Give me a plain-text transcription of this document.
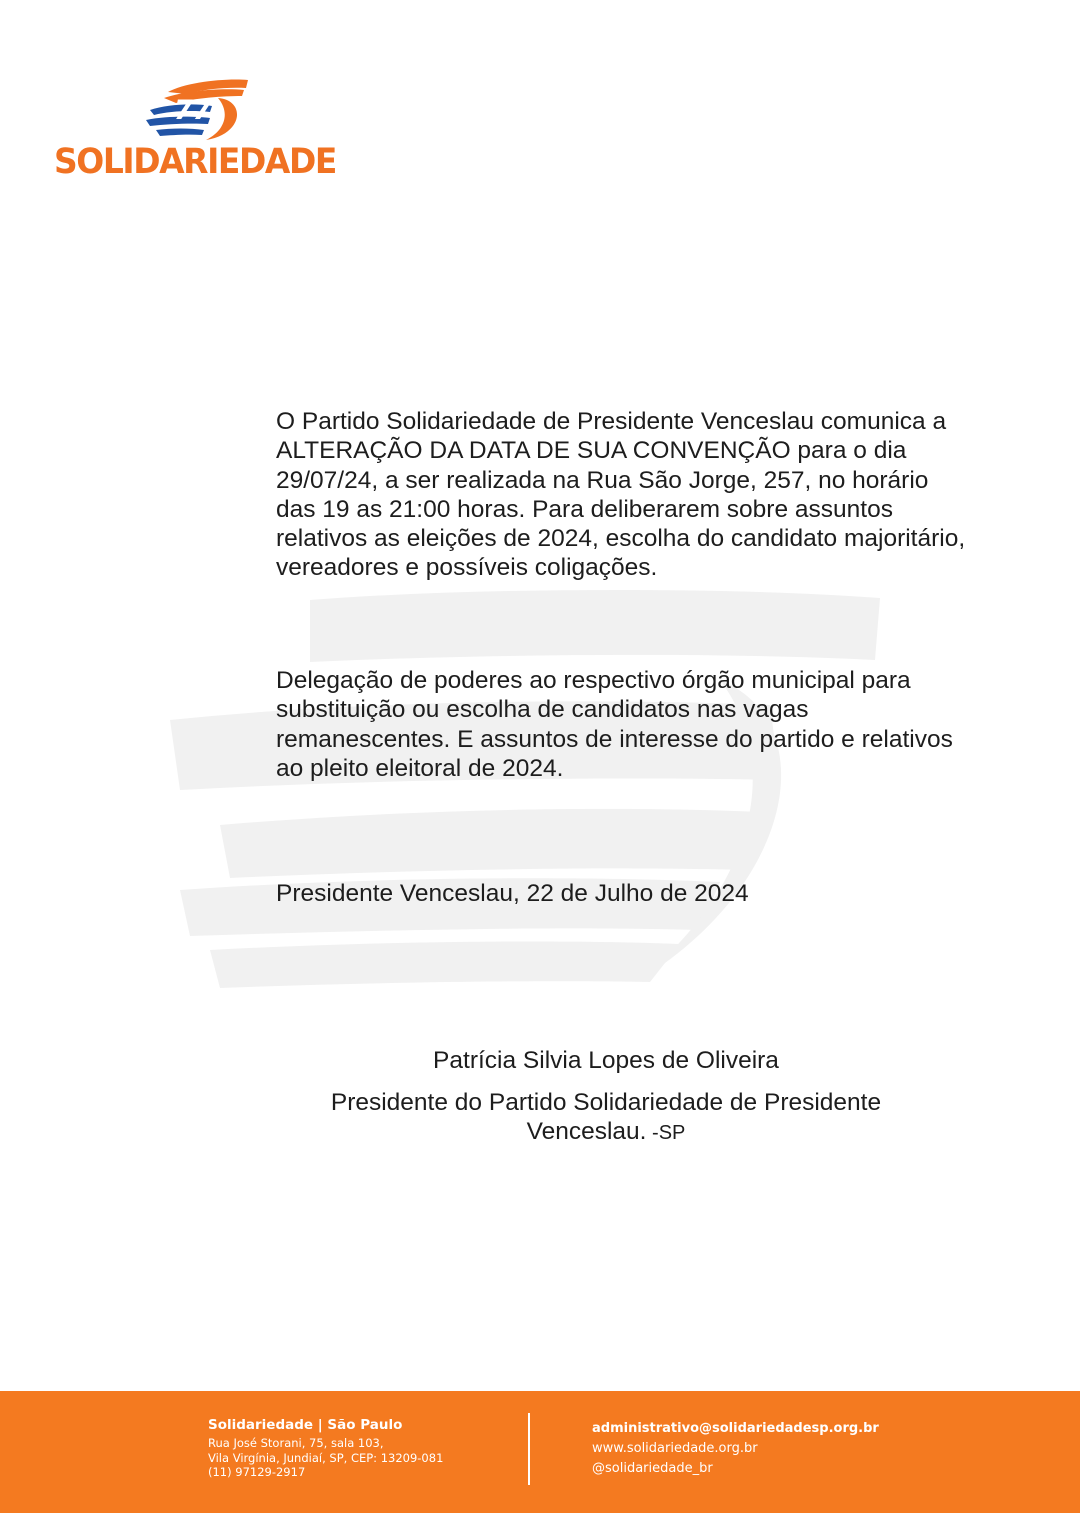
77
SOLIDARIEDADE

O Partido Solidariedade de Presidente Venceslau comunica a ALTERAÇÃO DA DATA DE SUA CONVENÇÃO para o dia 29/07/24, a ser realizada na Rua São Jorge, 257, no horário das 19 as 21:00 horas. Para deliberarem sobre assuntos relativos as eleições de 2024, escolha do candidato majoritário, vereadores e possíveis coligações.

Delegação de poderes ao respectivo órgão municipal para substituição ou escolha de candidatos nas vagas remanescentes. E assuntos de interesse do partido e relativos ao pleito eleitoral de 2024.

Presidente Venceslau, 22 de Julho de 2024

Patrícia Silvia Lopes de Oliveira

Presidente do Partido Solidariedade de Presidente Venceslau. -SP

Solidariedade | São Paulo
Rua José Storani, 75, sala 103,
Vila Virgínia, Jundiaí, SP, CEP: 13209-081
(11) 97129-2917
administrativo@solidariedadesp.org.br
www.solidariedade.org.br
@solidariedade_br
